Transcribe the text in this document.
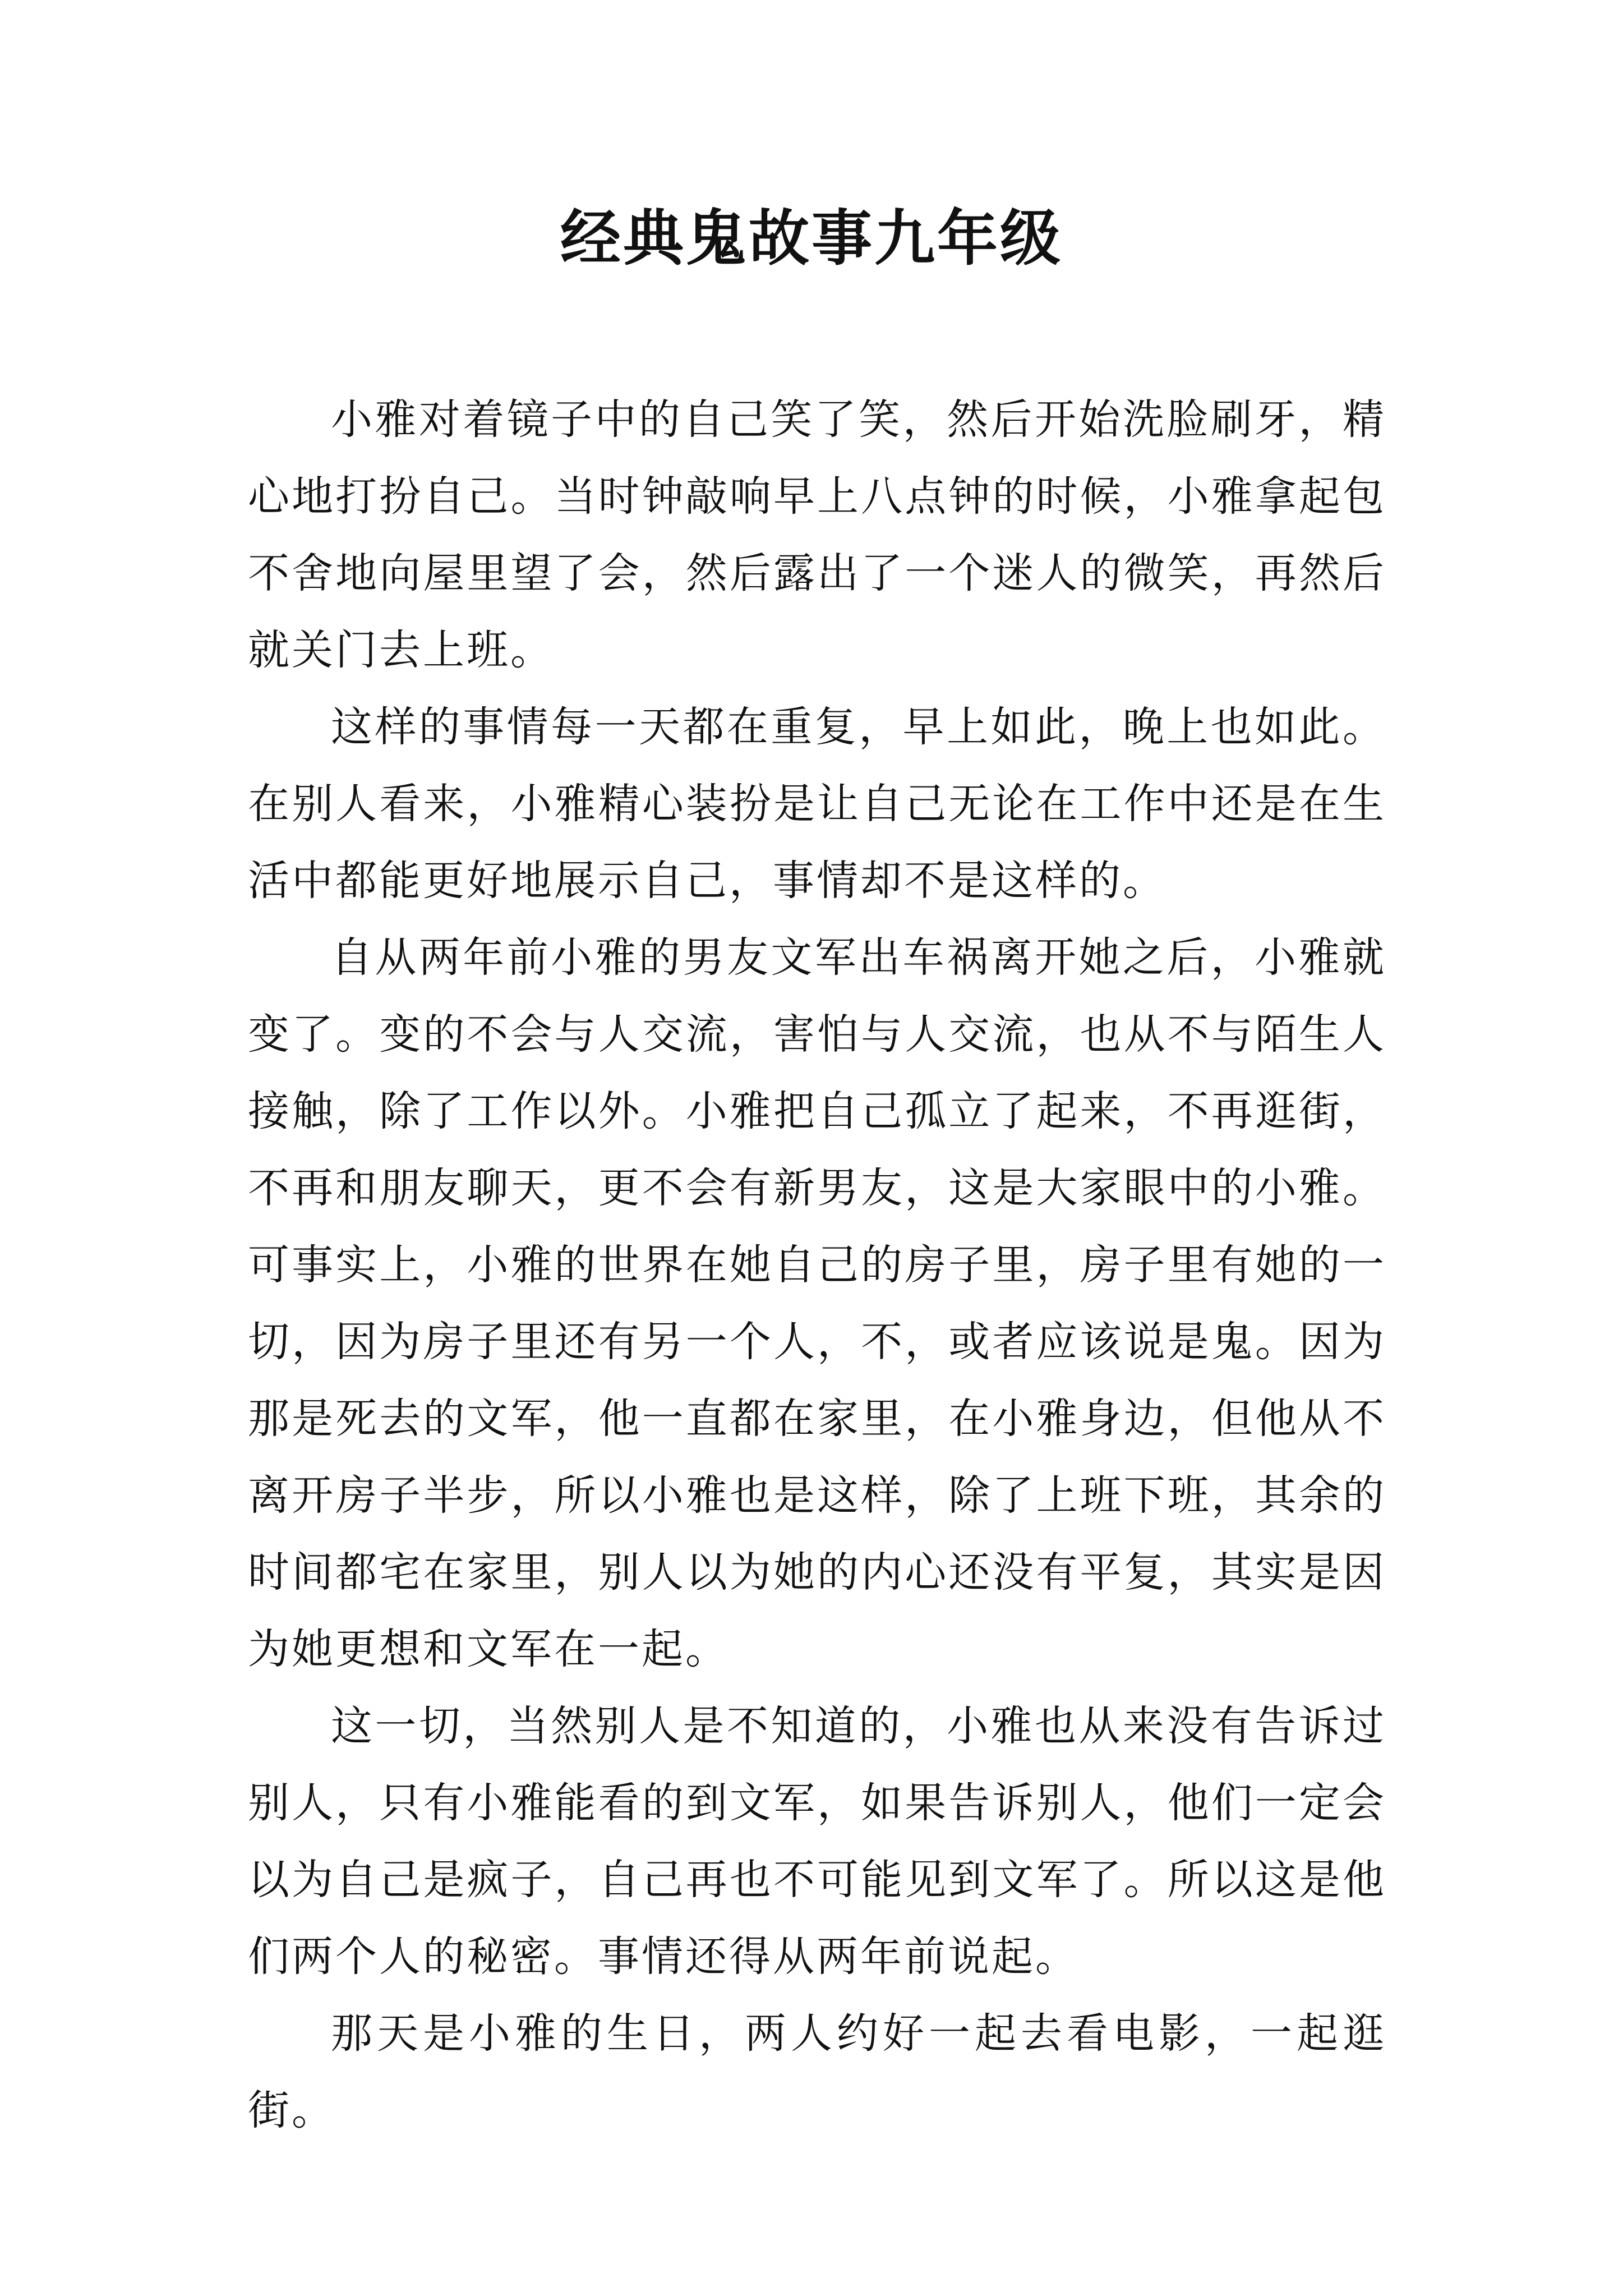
经典鬼故事九年级

小雅对着镜子中的自己笑了笑，然后开始洗脸刷牙，精心地打扮自己。当时钟敲响早上八点钟的时候，小雅拿起包不舍地向屋里望了会，然后露出了一个迷人的微笑，再然后就关门去上班。

这样的事情每一天都在重复，早上如此，晚上也如此。在别人看来，小雅精心装扮是让自己无论在工作中还是在生活中都能更好地展示自己，事情却不是这样的。

自从两年前小雅的男友文军出车祸离开她之后，小雅就变了。变的不会与人交流，害怕与人交流，也从不与陌生人接触，除了工作以外。小雅把自己孤立了起来，不再逛街，不再和朋友聊天，更不会有新男友，这是大家眼中的小雅。可事实上，小雅的世界在她自己的房子里，房子里有她的一切，因为房子里还有另一个人，不，或者应该说是鬼。因为那是死去的文军，他一直都在家里，在小雅身边，但他从不离开房子半步，所以小雅也是这样，除了上班下班，其余的时间都宅在家里，别人以为她的内心还没有平复，其实是因为她更想和文军在一起。

这一切，当然别人是不知道的，小雅也从来没有告诉过别人，只有小雅能看的到文军，如果告诉别人，他们一定会以为自己是疯子，自己再也不可能见到文军了。所以这是他们两个人的秘密。事情还得从两年前说起。

那天是小雅的生日，两人约好一起去看电影，一起逛街。
